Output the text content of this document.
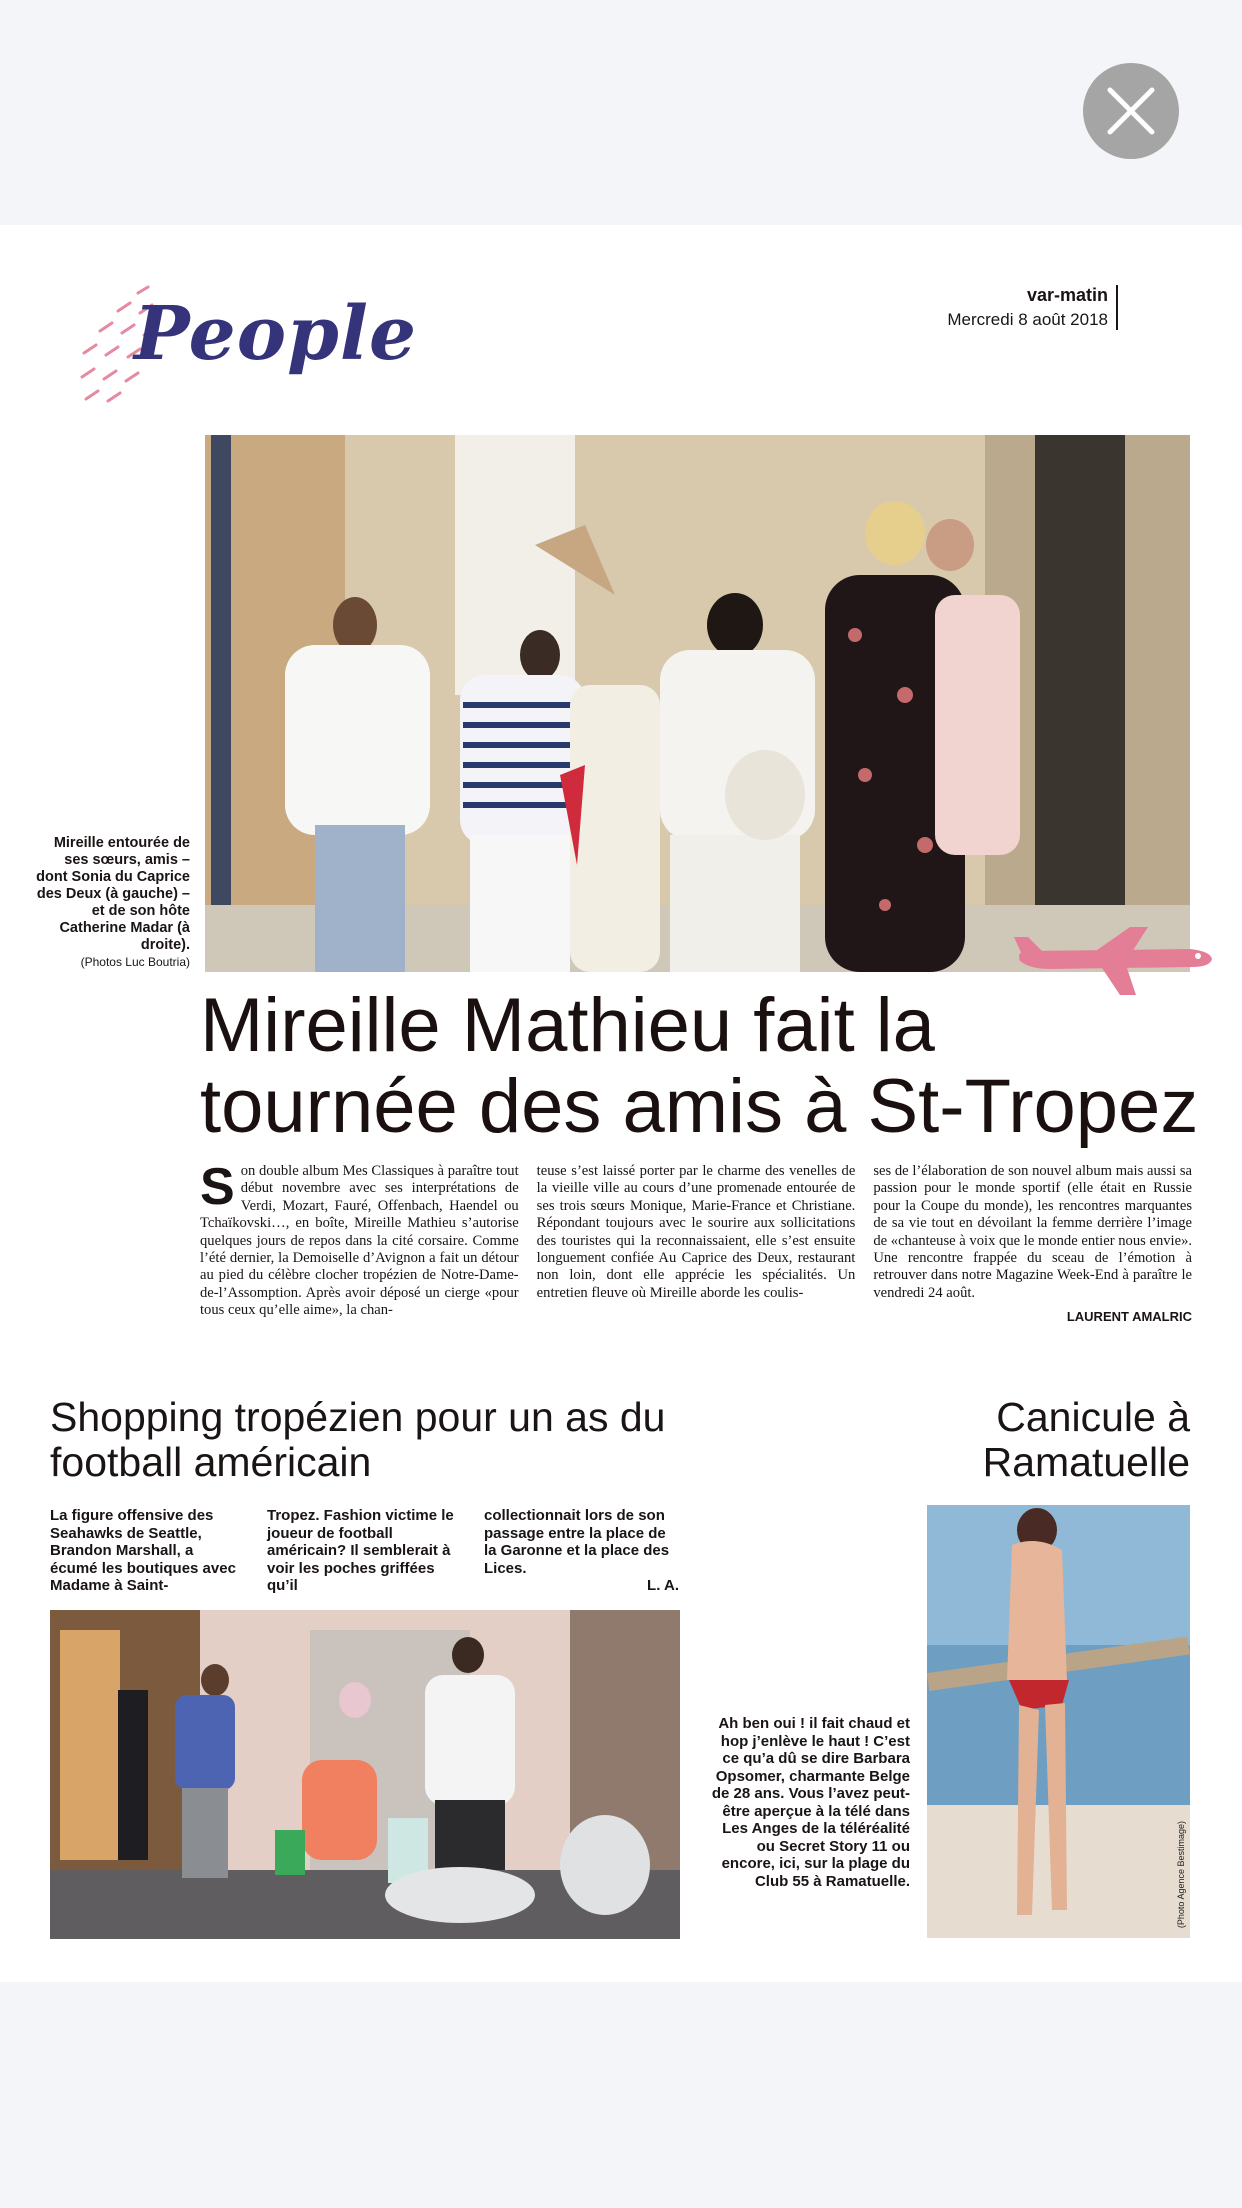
People	var-matin
Mercredi 8 août 2018
Mireille entourée de ses sœurs, amis – dont Sonia du Caprice des Deux (à gauche) – et de son hôte Catherine Madar (à droite).
(Photos Luc Boutria)
Mireille Mathieu fait la tournée des amis à St-Tropez
S on double album Mes Classiques à paraître tout début novembre avec ses interprétations de Verdi, Mozart, Fauré, Offenbach, Haendel ou Tchaïkovski…, en boîte, Mireille Mathieu s’autorise quelques jours de repos dans la cité corsaire. Comme l’été dernier, la Demoiselle d’Avignon a fait un détour au pied du célèbre clocher tropézien de Notre-Dame-de-l’Assomption. Après avoir déposé un cierge «pour tous ceux qu’elle aime», la chan-

teuse s’est laissé porter par le charme des venelles de la vieille ville au cours d’une promenade entourée de ses trois sœurs Monique, Marie-France et Christiane. Répondant toujours avec le sourire aux sollicitations des touristes qui la reconnaissaient, elle s’est ensuite longuement confiée Au Caprice des Deux, restaurant non loin, dont elle apprécie les spécialités. Un entretien fleuve où Mireille aborde les coulis-

ses de l’élaboration de son nouvel album mais aussi sa passion pour le monde sportif (elle était en Russie pour la Coupe du monde), les rencontres marquantes de sa vie tout en dévoilant la femme derrière l’image de «chanteuse à voix que le monde entier nous envie». Une rencontre frappée du sceau de l’émotion à retrouver dans notre Magazine Week-End à paraître le vendredi 24 août.

LAURENT AMALRIC
Shopping tropézien pour un as du football américain
La figure offensive des Seahawks de Seattle, Brandon Marshall, a écumé les boutiques avec Madame à Saint-
Tropez. Fashion victime le joueur de football américain? Il semblerait à voir les poches griffées qu’il
collectionnait lors de son passage entre la place de la Garonne et la place des Lices.
L. A.
Canicule à Ramatuelle
Ah ben oui ! il fait chaud et hop j’enlève le haut ! C’est ce qu’a dû se dire Barbara Opsomer, charmante Belge de 28 ans. Vous l’avez peut-être aperçue à la télé dans Les Anges de la téléréalité ou Secret Story 11 ou encore, ici, sur la plage du Club 55 à Ramatuelle.	(Photo Agence Bestimage)
